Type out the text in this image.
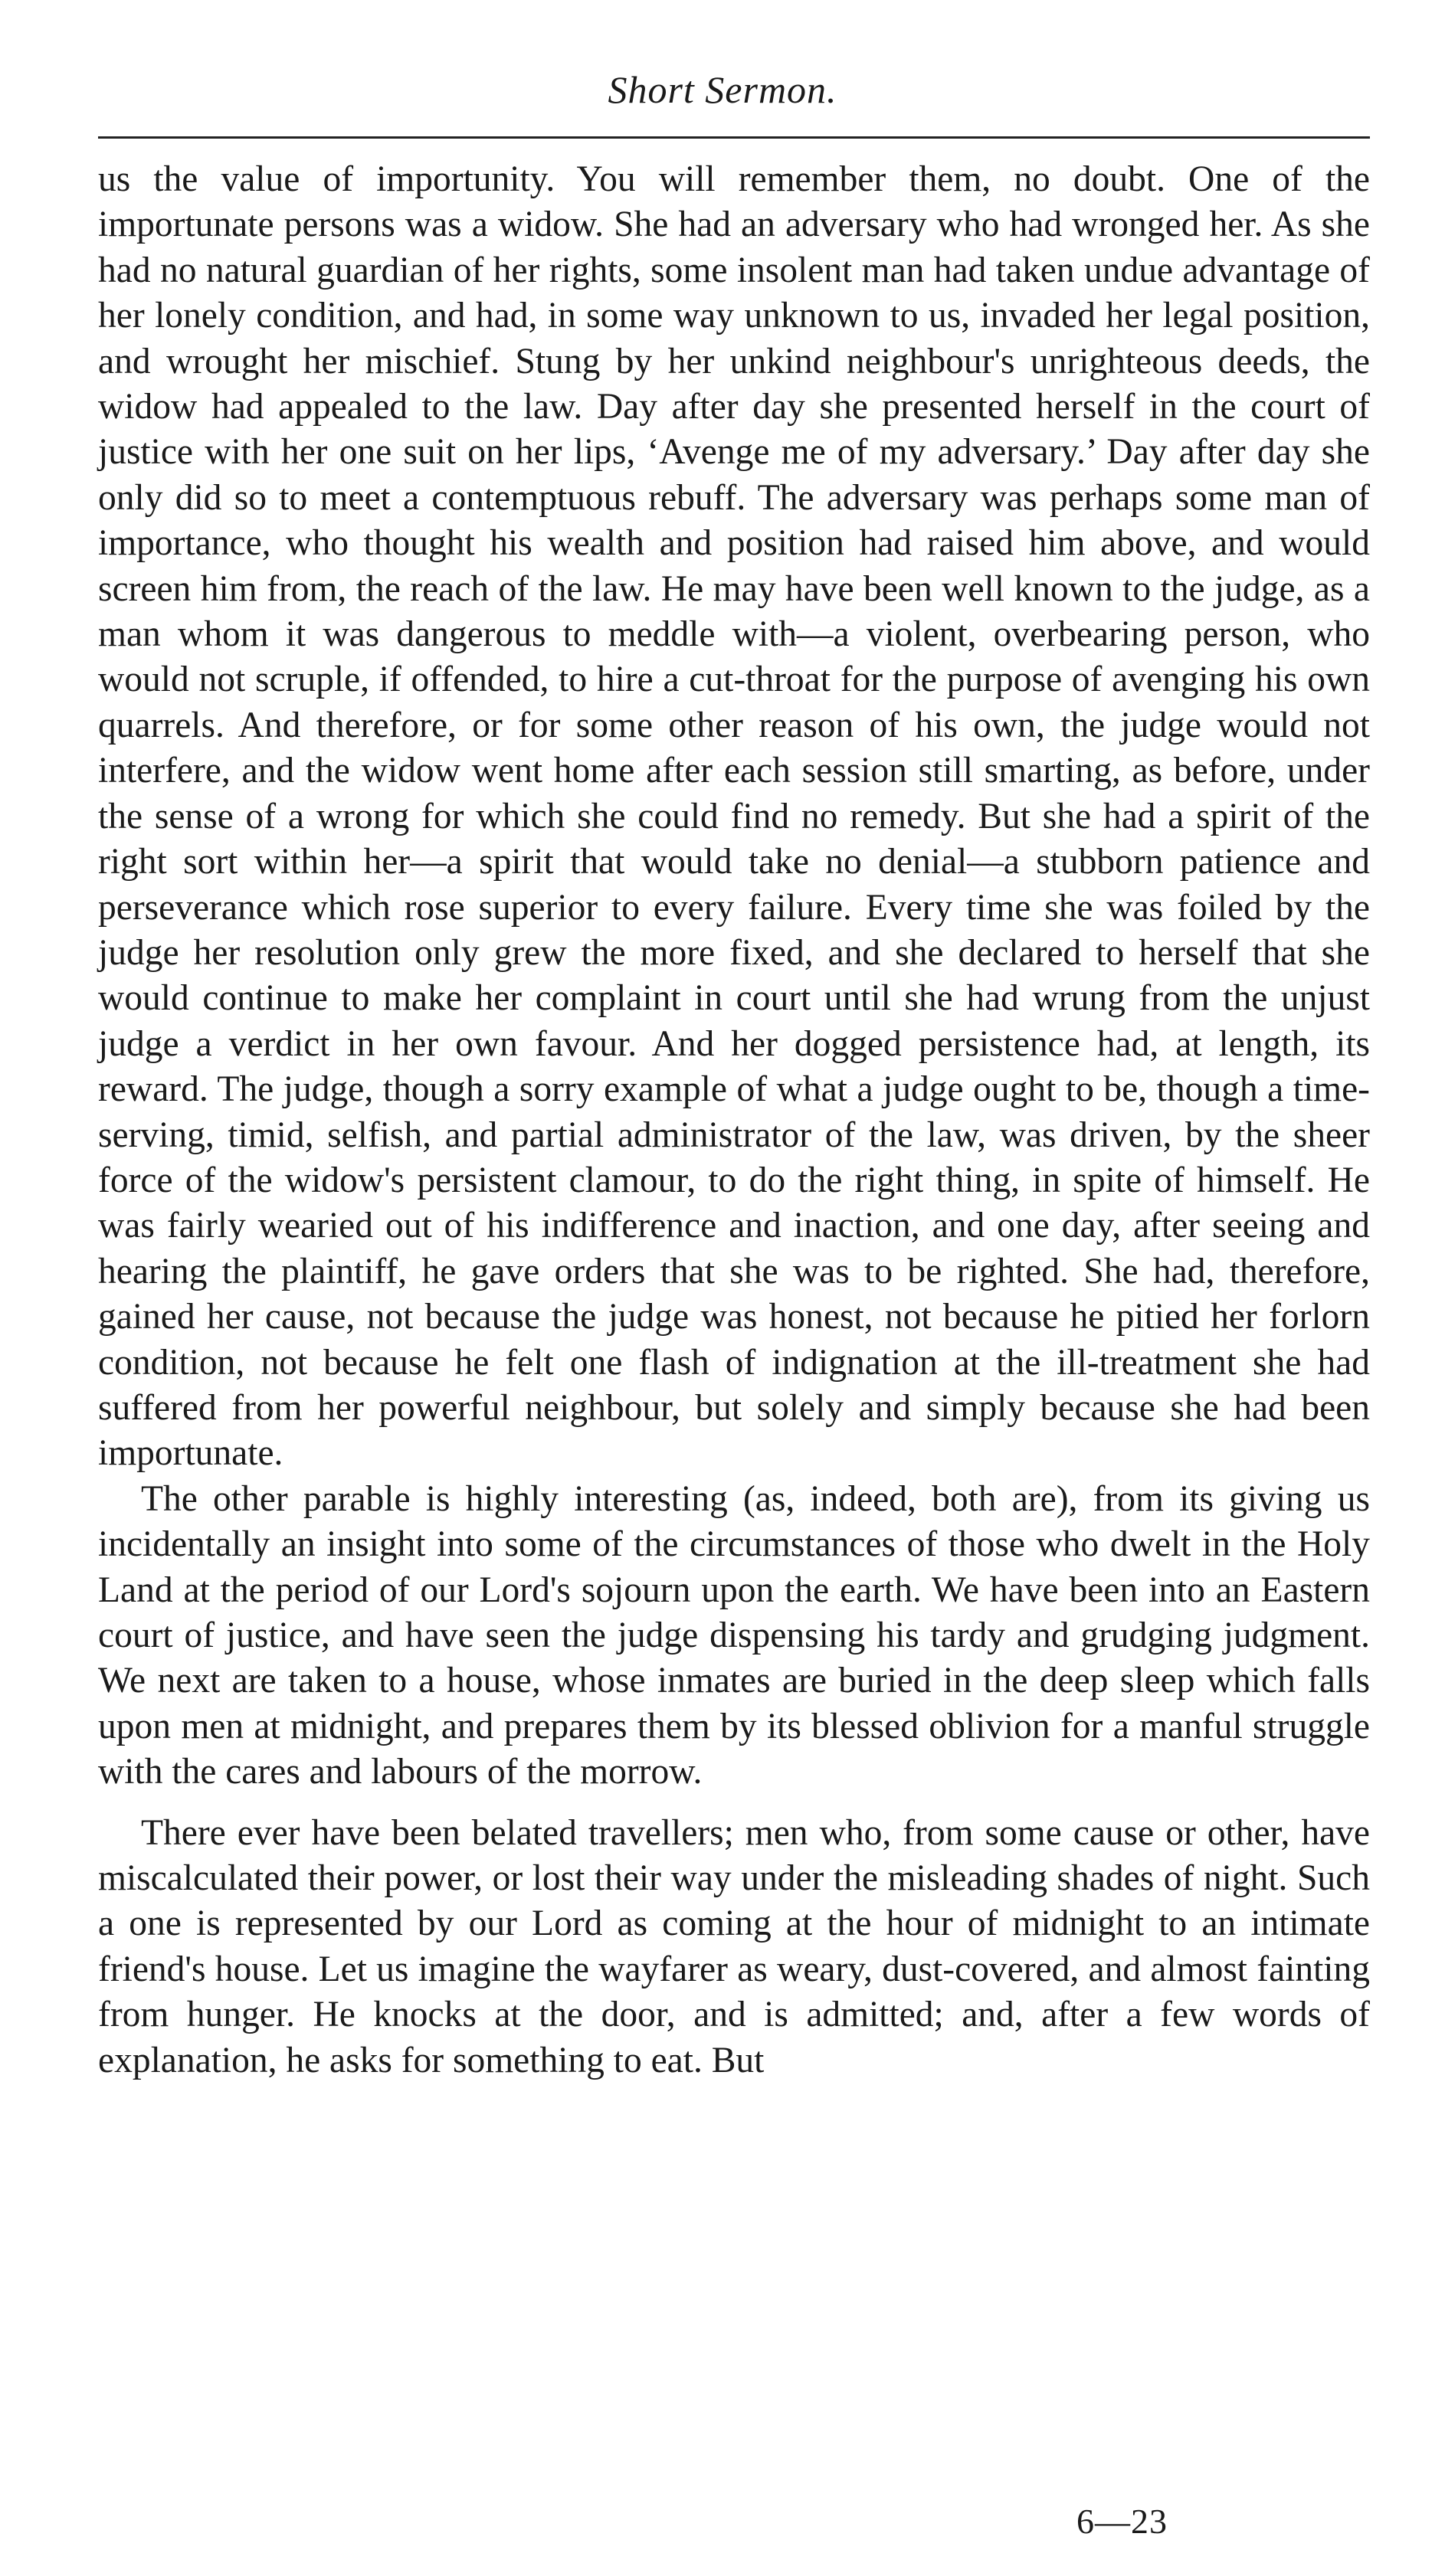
Short Sermon.

us the value of importunity. You will remember them, no doubt. One of the importunate persons was a widow. She had an adversary who had wronged her. As she had no natural guardian of her rights, some insolent man had taken undue advantage of her lonely condition, and had, in some way unknown to us, invaded her legal position, and wrought her mischief. Stung by her unkind neighbour's unrighteous deeds, the widow had appealed to the law. Day after day she presented herself in the court of justice with her one suit on her lips, ‘Avenge me of my adversary.’ Day after day she only did so to meet a contemptuous rebuff. The adversary was perhaps some man of importance, who thought his wealth and position had raised him above, and would screen him from, the reach of the law. He may have been well known to the judge, as a man whom it was dangerous to meddle with—a violent, overbearing person, who would not scruple, if offended, to hire a cut-throat for the purpose of avenging his own quarrels. And therefore, or for some other reason of his own, the judge would not interfere, and the widow went home after each session still smarting, as before, under the sense of a wrong for which she could find no remedy. But she had a spirit of the right sort within her—a spirit that would take no denial—a stubborn patience and perseverance which rose superior to every failure. Every time she was foiled by the judge her resolution only grew the more fixed, and she declared to herself that she would continue to make her complaint in court until she had wrung from the unjust judge a verdict in her own favour. And her dogged persistence had, at length, its reward. The judge, though a sorry example of what a judge ought to be, though a time-serving, timid, selfish, and partial administrator of the law, was driven, by the sheer force of the widow's persistent clamour, to do the right thing, in spite of himself. He was fairly wearied out of his indifference and inaction, and one day, after seeing and hearing the plaintiff, he gave orders that she was to be righted. She had, therefore, gained her cause, not because the judge was honest, not because he pitied her forlorn condition, not because he felt one flash of indignation at the ill-treatment she had suffered from her powerful neighbour, but solely and simply because she had been importunate.

The other parable is highly interesting (as, indeed, both are), from its giving us incidentally an insight into some of the circumstances of those who dwelt in the Holy Land at the period of our Lord's sojourn upon the earth. We have been into an Eastern court of justice, and have seen the judge dispensing his tardy and grudging judgment. We next are taken to a house, whose inmates are buried in the deep sleep which falls upon men at midnight, and prepares them by its blessed oblivion for a manful struggle with the cares and labours of the morrow.

There ever have been belated travellers; men who, from some cause or other, have miscalculated their power, or lost their way under the misleading shades of night. Such a one is represented by our Lord as coming at the hour of midnight to an intimate friend's house. Let us imagine the wayfarer as weary, dust-covered, and almost fainting from hunger. He knocks at the door, and is admitted; and, after a few words of explanation, he asks for something to eat. But

6—23
